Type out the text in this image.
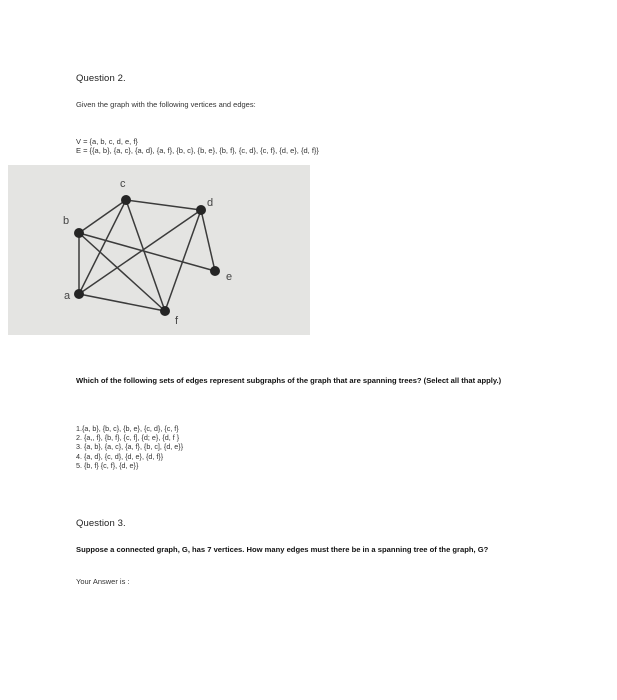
Question 2.
Given the graph with the following vertices and edges:
V = {a, b, c, d, e, f}
E = {{a, b}, {a, c}, {a, d}, {a, f}, {b, c}, {b, e}, {b, f}, {c, d}, {c, f}, {d, e}, {d, f}}
a
b
c
d
e
f
Which of the following sets of edges represent subgraphs of the graph that are spanning trees? (Select all that apply.)

1.{a, b}, {b, c}, {b, e}, {c, d}, {c, f}

2. {a,, f}, {b, f}, {c, f], {d; e}, {d, f }

3. {a, b}, {a, c}, {a, f}, {b, c], {d, e}}

4. {a, d}, {c, d}, {d, e}, {d, f}}

5. {b, f} {c, f}, {d, e}}

Question 3.
Suppose a connected graph, G, has 7 vertices. How many edges must there be in a spanning tree of the graph, G?
Your Answer is :
